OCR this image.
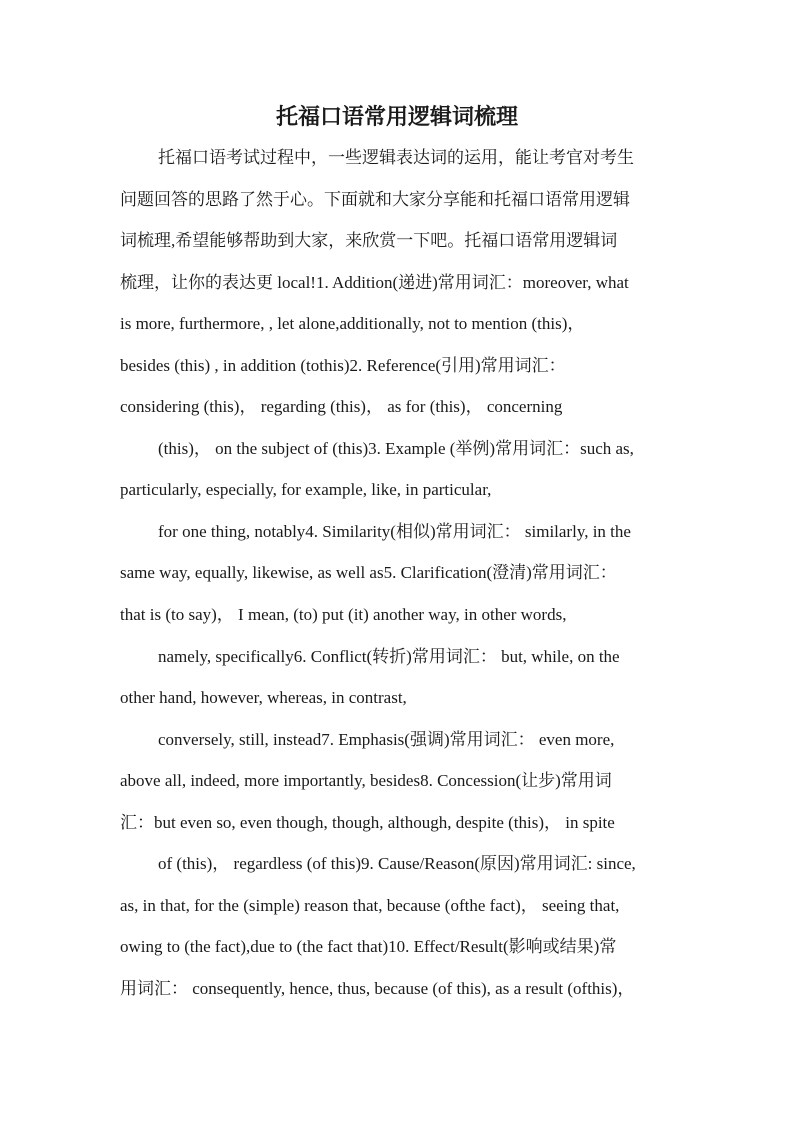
托福口语常用逻辑词梳理

托福口语考试过程中，一些逻辑表达词的运用，能让考官对考生

问题回答的思路了然于心。下面就和大家分享能和托福口语常用逻辑

词梳理,希望能够帮助到大家，来欣赏一下吧。托福口语常用逻辑词

梳理，让你的表达更 local!1. Addition(递进)常用词汇：moreover, what

is more, furthermore, , let alone,additionally, not to mention (this)，

besides (this) , in addition (tothis)2. Reference(引用)常用词汇：

considering (this)， regarding (this)， as for (this)， concerning

(this)， on the subject of (this)3. Example (举例)常用词汇：such as,

particularly, especially, for example, like, in particular,

for one thing, notably4. Similarity(相似)常用词汇： similarly, in the

same way, equally, likewise, as well as5. Clarification(澄清)常用词汇：

that is (to say)， I mean, (to) put (it) another way, in other words,

namely, specifically6. Conflict(转折)常用词汇： but, while, on the

other hand, however, whereas, in contrast,

conversely, still, instead7. Emphasis(强调)常用词汇： even more,

above all, indeed, more importantly, besides8. Concession(让步)常用词

汇：but even so, even though, though, although, despite (this)， in spite

of (this)， regardless (of this)9. Cause/Reason(原因)常用词汇: since,

as, in that, for the (simple) reason that, because (ofthe fact)， seeing that,

owing to (the fact),due to (the fact that)10. Effect/Result(影响或结果)常

用词汇： consequently, hence, thus, because (of this), as a result (ofthis)，
